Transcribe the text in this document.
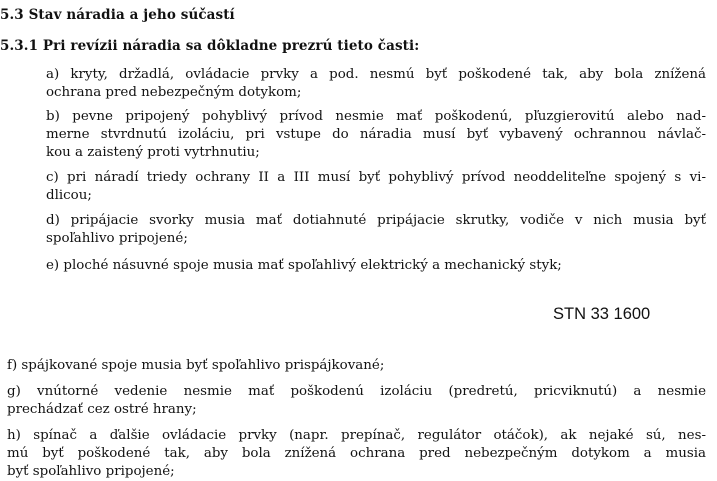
5.3 Stav náradia a jeho súčastí
5.3.1 Pri revízii náradia sa dôkladne prezrú tieto časti:
a) kryty, držadlá, ovládacie prvky a pod. nesmú byť poškodené tak, aby bola znížená
ochrana pred nebezpečným dotykom;
b) pevne pripojený pohyblivý prívod nesmie mať poškodenú, pľuzgierovitú alebo nad-
merne stvrdnutú izoláciu, pri vstupe do náradia musí byť vybavený ochrannou návlač-
kou a zaistený proti vytrhnutiu;
c) pri náradí triedy ochrany II a III musí byť pohyblivý prívod neoddeliteľne spojený s vi-
dlicou;
d) pripájacie svorky musia mať dotiahnuté pripájacie skrutky, vodiče v nich musia byť
spoľahlivo pripojené;
e) ploché násuvné spoje musia mať spoľahlivý elektrický a mechanický styk;
STN 33 1600
f) spájkované spoje musia byť spoľahlivo prispájkované;
g) vnútorné vedenie nesmie mať poškodenú izoláciu (predretú, pricviknutú) a nesmie
prechádzať cez ostré hrany;
h) spínač a ďalšie ovládacie prvky (napr. prepínač, regulátor otáčok), ak nejaké sú, nes-
mú byť poškodené tak, aby bola znížená ochrana pred nebezpečným dotykom a musia
byť spoľahlivo pripojené;
